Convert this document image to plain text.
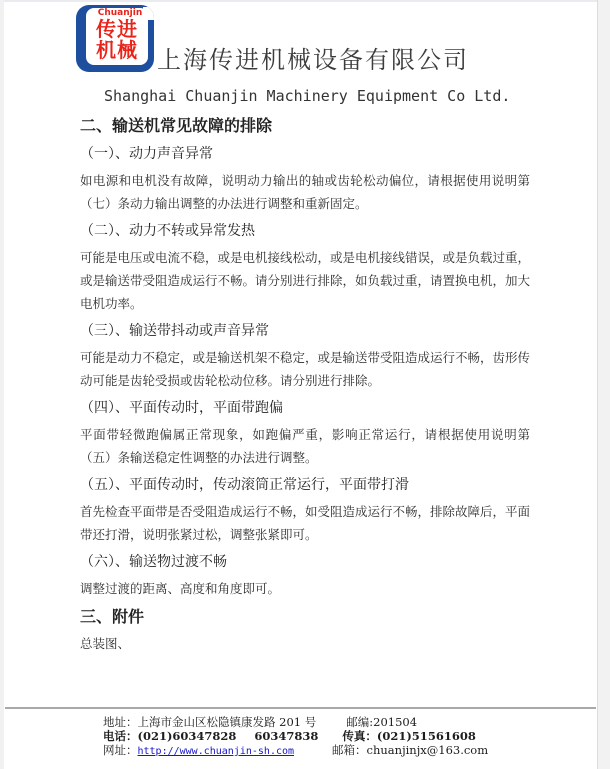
Chuanjin
传进
机械 上海传进机械设备有限公司
Shanghai Chuanjin Machinery Equipment Co Ltd.
二、输送机常见故障的排除
（一）、动力声音异常

如电源和电机没有故障，说明动力输出的轴或齿轮松动偏位，请根据使用说明第（七）条动力输出调整的办法进行调整和重新固定。

（二）、动力不转或异常发热

可能是电压或电流不稳，或是电机接线松动，或是电机接线错误，或是负载过重，或是输送带受阻造成运行不畅。请分别进行排除，如负载过重，请置换电机，加大电机功率。

（三）、输送带抖动或声音异常

可能是动力不稳定，或是输送机架不稳定，或是输送带受阻造成运行不畅，齿形传动可能是齿轮受损或齿轮松动位移。请分别进行排除。

（四）、平面传动时，平面带跑偏

平面带轻微跑偏属正常现象，如跑偏严重，影响正常运行，请根据使用说明第（五）条输送稳定性调整的办法进行调整。

（五）、平面传动时，传动滚筒正常运行，平面带打滑

首先检查平面带是否受阻造成运行不畅，如受阻造成运行不畅，排除故障后，平面带还打滑，说明张紧过松，调整张紧即可。

（六）、输送物过渡不畅

调整过渡的距离、高度和角度即可。

三、附件

总装图、

地址：上海市金山区松隐镇康发路 201 号	邮编:201504
电话：(021)60347828 60347838 传真：(021)51561608
网址：http://www.chuanjin-sh.com	邮箱：chuanjinjx@163.com
